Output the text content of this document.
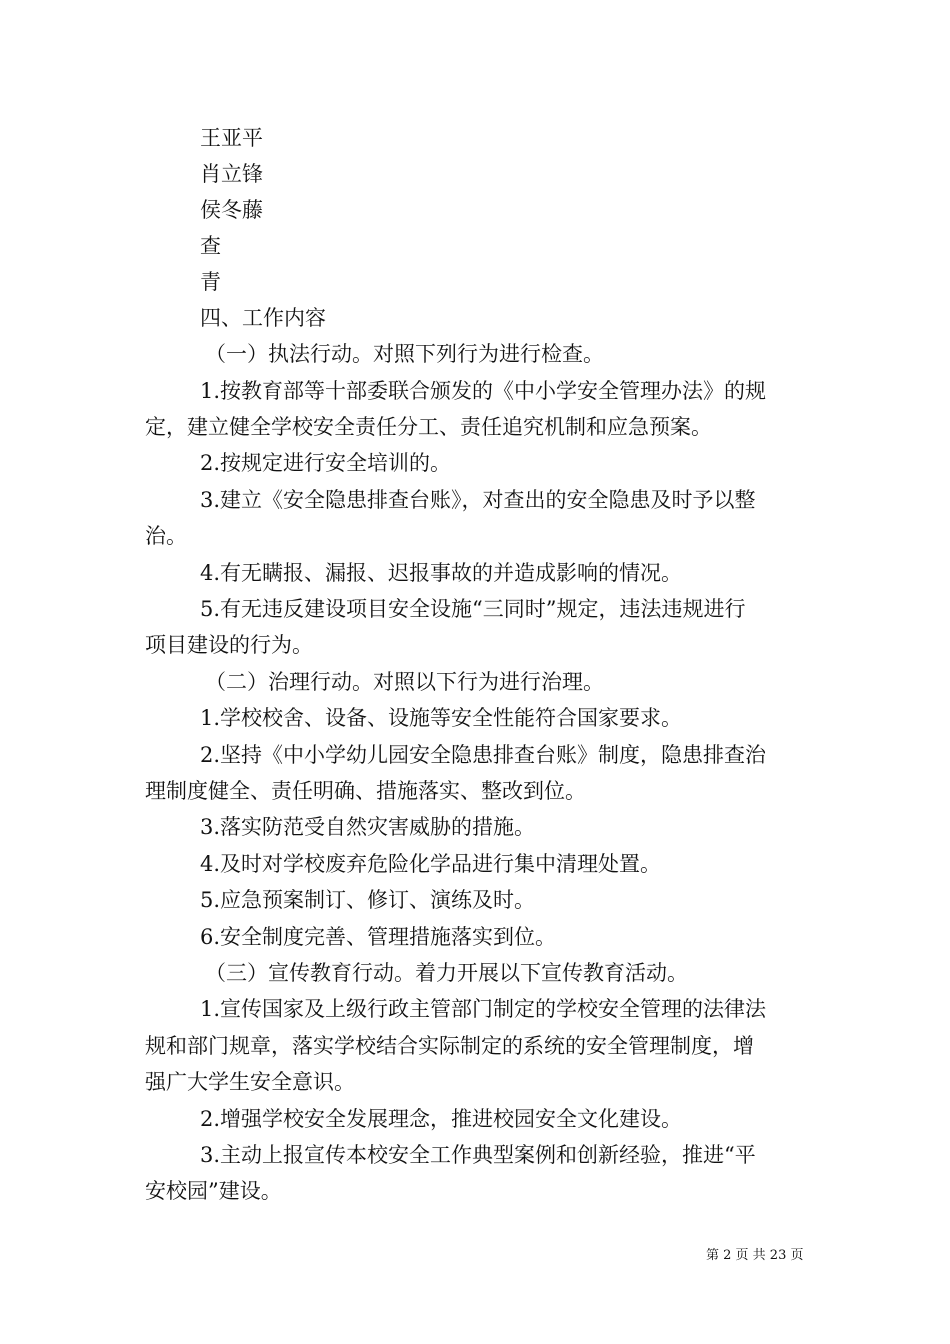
王亚平
肖立锋
侯冬藤
查
青
四、工作内容
（一）执法行动。对照下列行为进行检查。
1.按教育部等十部委联合颁发的《中小学安全管理办法》的规
定，建立健全学校安全责任分工、责任追究机制和应急预案。
2.按规定进行安全培训的。
3.建立《安全隐患排查台账》，对查出的安全隐患及时予以整
治。
4.有无瞒报、漏报、迟报事故的并造成影响的情况。
5.有无违反建设项目安全设施“三同时”规定，违法违规进行
项目建设的行为。
（二）治理行动。对照以下行为进行治理。
1.学校校舍、设备、设施等安全性能符合国家要求。
2.坚持《中小学幼儿园安全隐患排查台账》制度，隐患排查治
理制度健全、责任明确、措施落实、整改到位。
3.落实防范受自然灾害威胁的措施。
4.及时对学校废弃危险化学品进行集中清理处置。
5.应急预案制订、修订、演练及时。
6.安全制度完善、管理措施落实到位。
（三）宣传教育行动。着力开展以下宣传教育活动。
1.宣传国家及上级行政主管部门制定的学校安全管理的法律法
规和部门规章，落实学校结合实际制定的系统的安全管理制度，增
强广大学生安全意识。
2.增强学校安全发展理念，推进校园安全文化建设。
3.主动上报宣传本校安全工作典型案例和创新经验，推进“平
安校园”建设。
第 2 页 共 23 页
